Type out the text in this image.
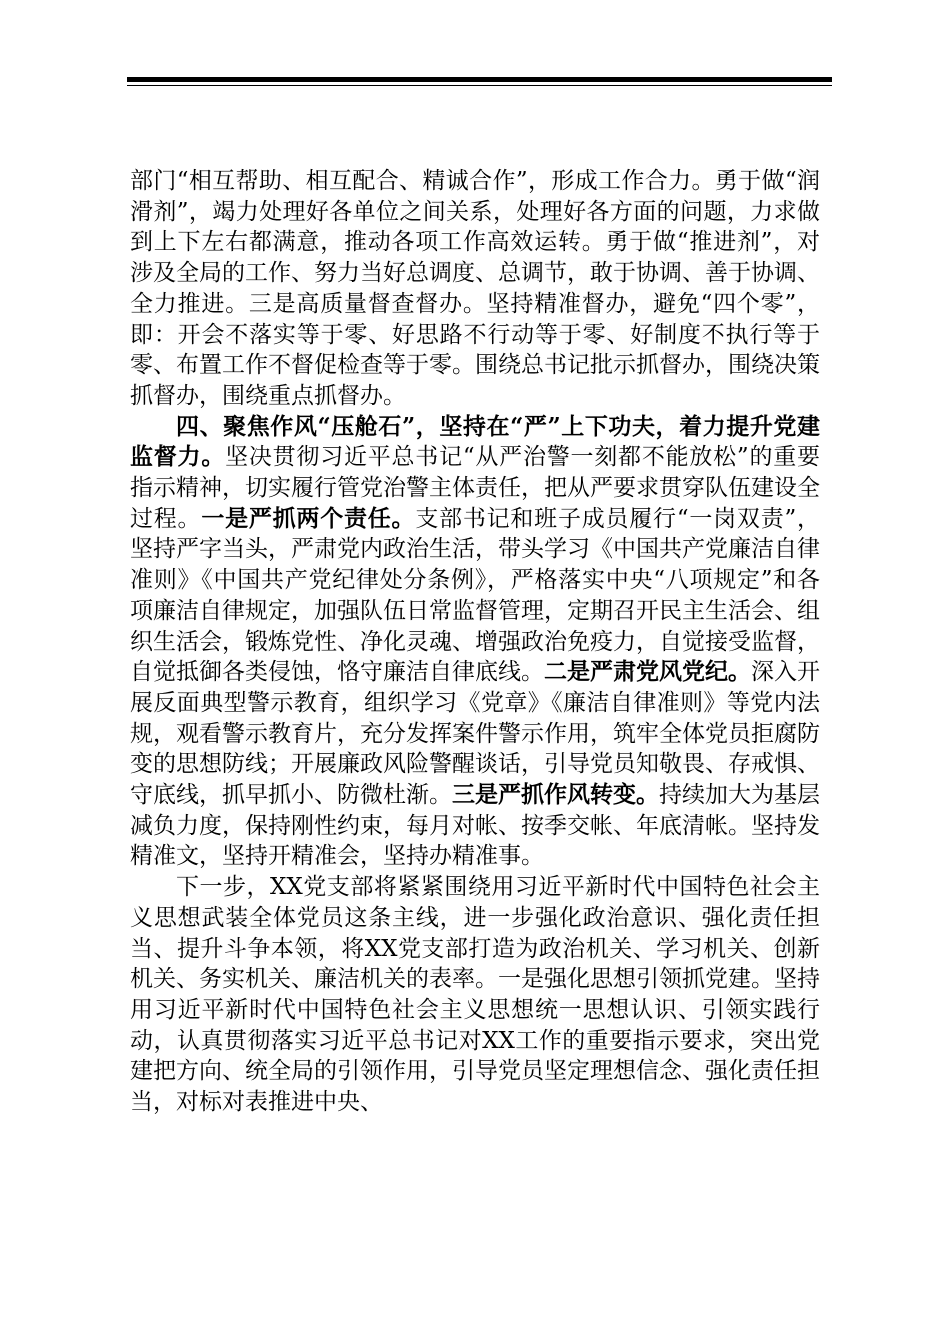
部门“相互帮助、相互配合、精诚合作”，形成工作合力。勇于做“润滑剂”，竭力处理好各单位之间关系，处理好各方面的问题，力求做到上下左右都满意，推动各项工作高效运转。勇于做“推进剂”，对涉及全局的工作、努力当好总调度、总调节，敢于协调、善于协调、全力推进。三是高质量督查督办。坚持精准督办，避免“四个零”，即：开会不落实等于零、好思路不行动等于零、好制度不执行等于零、布置工作不督促检查等于零。围绕总书记批示抓督办，围绕决策抓督办，围绕重点抓督办。

四、聚焦作风“压舱石”，坚持在“严”上下功夫，着力提升党建监督力。坚决贯彻习近平总书记“从严治警一刻都不能放松”的重要指示精神，切实履行管党治警主体责任，把从严要求贯穿队伍建设全过程。一是严抓两个责任。支部书记和班子成员履行“一岗双责”，坚持严字当头，严肃党内政治生活，带头学习《中国共产党廉洁自律准则》《中国共产党纪律处分条例》，严格落实中央“八项规定”和各项廉洁自律规定，加强队伍日常监督管理，定期召开民主生活会、组织生活会，锻炼党性、净化灵魂、增强政治免疫力，自觉接受监督，自觉抵御各类侵蚀，恪守廉洁自律底线。二是严肃党风党纪。深入开展反面典型警示教育，组织学习《党章》《廉洁自律准则》等党内法规，观看警示教育片，充分发挥案件警示作用，筑牢全体党员拒腐防变的思想防线；开展廉政风险警醒谈话，引导党员知敬畏、存戒惧、守底线，抓早抓小、防微杜渐。三是严抓作风转变。持续加大为基层减负力度，保持刚性约束，每月对帐、按季交帐、年底清帐。坚持发精准文，坚持开精准会，坚持办精准事。

下一步，XX党支部将紧紧围绕用习近平新时代中国特色社会主义思想武装全体党员这条主线，进一步强化政治意识、强化责任担当、提升斗争本领，将XX党支部打造为政治机关、学习机关、创新机关、务实机关、廉洁机关的表率。一是强化思想引领抓党建。坚持用习近平新时代中国特色社会主义思想统一思想认识、引领实践行动，认真贯彻落实习近平总书记对XX工作的重要指示要求，突出党建把方向、统全局的引领作用，引导党员坚定理想信念、强化责任担当，对标对表推进中央、
